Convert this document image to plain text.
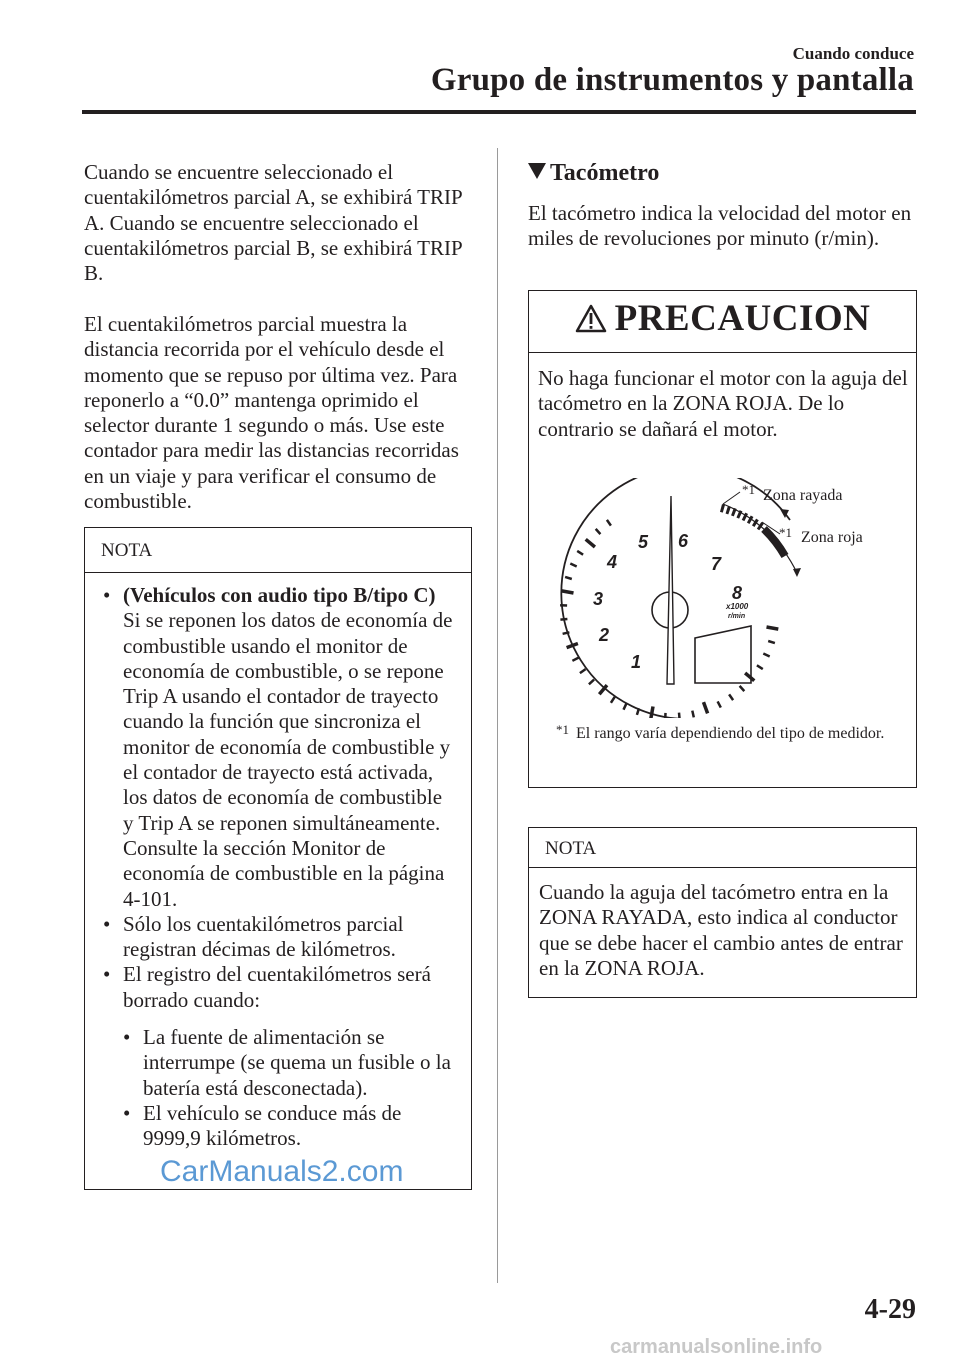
Cuando conduce
Grupo de instrumentos y pantalla

Cuando se encuentre seleccionado el cuentakilómetros parcial A, se exhibirá TRIP A. Cuando se encuentre seleccionado el cuentakilómetros parcial B, se exhibirá TRIP B.

El cuentakilómetros parcial muestra la distancia recorrida por el vehículo desde el momento que se repuso por última vez. Para reponerlo a “0.0” mantenga oprimido el selector durante 1 segundo o más. Use este contador para medir las distancias recorridas en un viaje y para verificar el consumo de combustible.

NOTA
• (Vehículos con audio tipo B/tipo C)
Si se reponen los datos de economía de combustible usando el monitor de economía de combustible, o se repone Trip A usando el contador de trayecto cuando la función que sincroniza el monitor de economía de combustible y el contador de trayecto está activada, los datos de economía de combustible y Trip A se reponen simultáneamente.
Consulte la sección Monitor de economía de combustible en la página 4-101.
• Sólo los cuentakilómetros parcial registran décimas de kilómetros.
• El registro del cuentakilómetros será borrado cuando:
• La fuente de alimentación se interrumpe (se quema un fusible o la batería está desconectada).
• El vehículo se conduce más de 9999,9 kilómetros.
Tacómetro

El tacómetro indica la velocidad del motor en miles de revoluciones por minuto (r/min).

PRECAUCION

No haga funcionar el motor con la aguja del tacómetro en la ZONA ROJA. De lo contrario se dañará el motor.

1
2
3
4
5 6
7
8
x1000
r/min
*1 Zona rayada
*1 Zona roja
*1 El rango varía dependiendo del tipo de medidor.
NOTA

Cuando la aguja del tacómetro entra en la ZONA RAYADA, esto indica al conductor que se debe hacer el cambio antes de entrar en la ZONA ROJA.

4-29
CarManuals2.com
carmanualsonline.info
